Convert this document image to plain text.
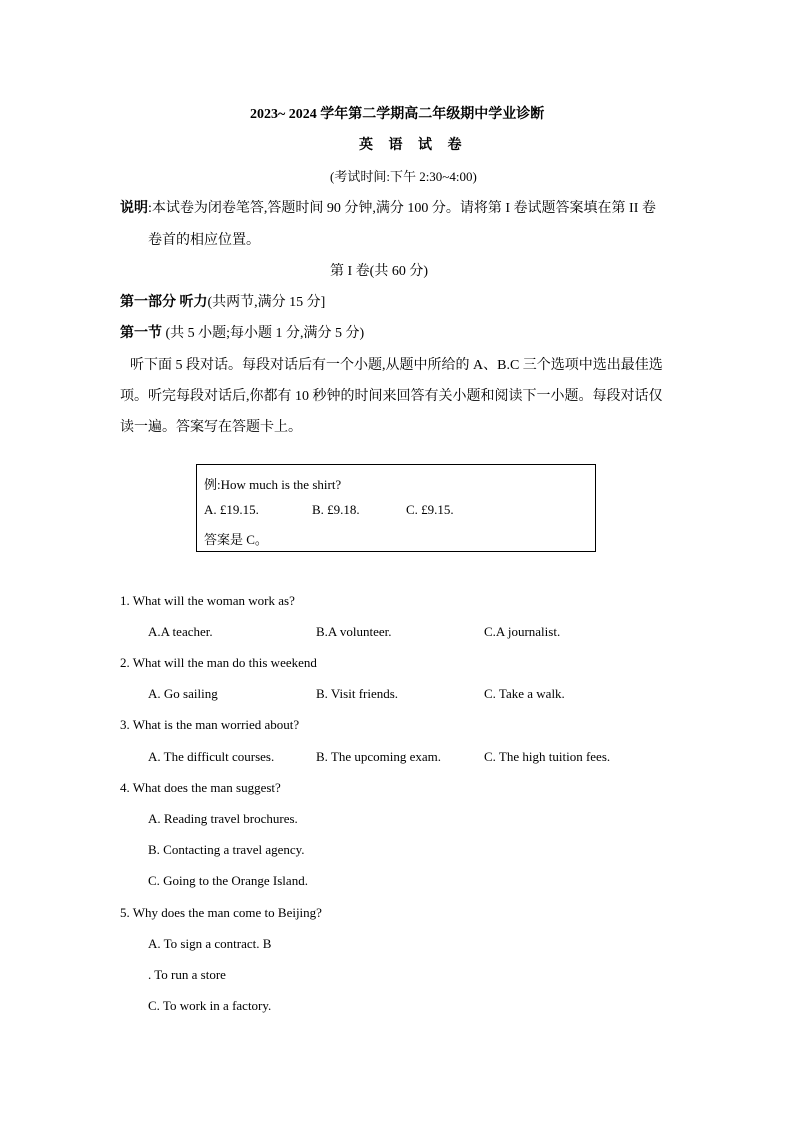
2023~ 2024 学年第二学期高二年级期中学业诊断
英 语 试 卷
(考试时间:下午 2:30~4:00)
说明:本试卷为闭卷笔答,答题时间 90 分钟,满分 100 分。请将第 I 卷试题答案填在第 II 卷
卷首的相应位置。
第 I 卷(共 60 分)
第一部分 听力(共两节,满分 15 分]
第一节 (共 5 小题;每小题 1 分,满分 5 分)
听下面 5 段对话。每段对话后有一个小题,从题中所给的 A、B.C 三个选项中选出最佳选
项。听完每段对话后,你都有 10 秒钟的时间来回答有关小题和阅读下一小题。每段对话仅
读一遍。答案写在答题卡上。
例:How much is the shirt?
A. £19.15.	B. £9.18.	C. £9.15.
答案是 C。
1. What will the woman work as?
A.A teacher.	B.A volunteer.	C.A journalist.
2. What will the man do this weekend
A. Go sailing	B. Visit friends.	C. Take a walk.
3. What is the man worried about?
A. The difficult courses.	B. The upcoming exam.	C. The high tuition fees.
4. What does the man suggest?
A. Reading travel brochures.
B. Contacting a travel agency.
C. Going to the Orange Island.
5. Why does the man come to Beijing?
A. To sign a contract. B
. To run a store
C. To work in a factory.
